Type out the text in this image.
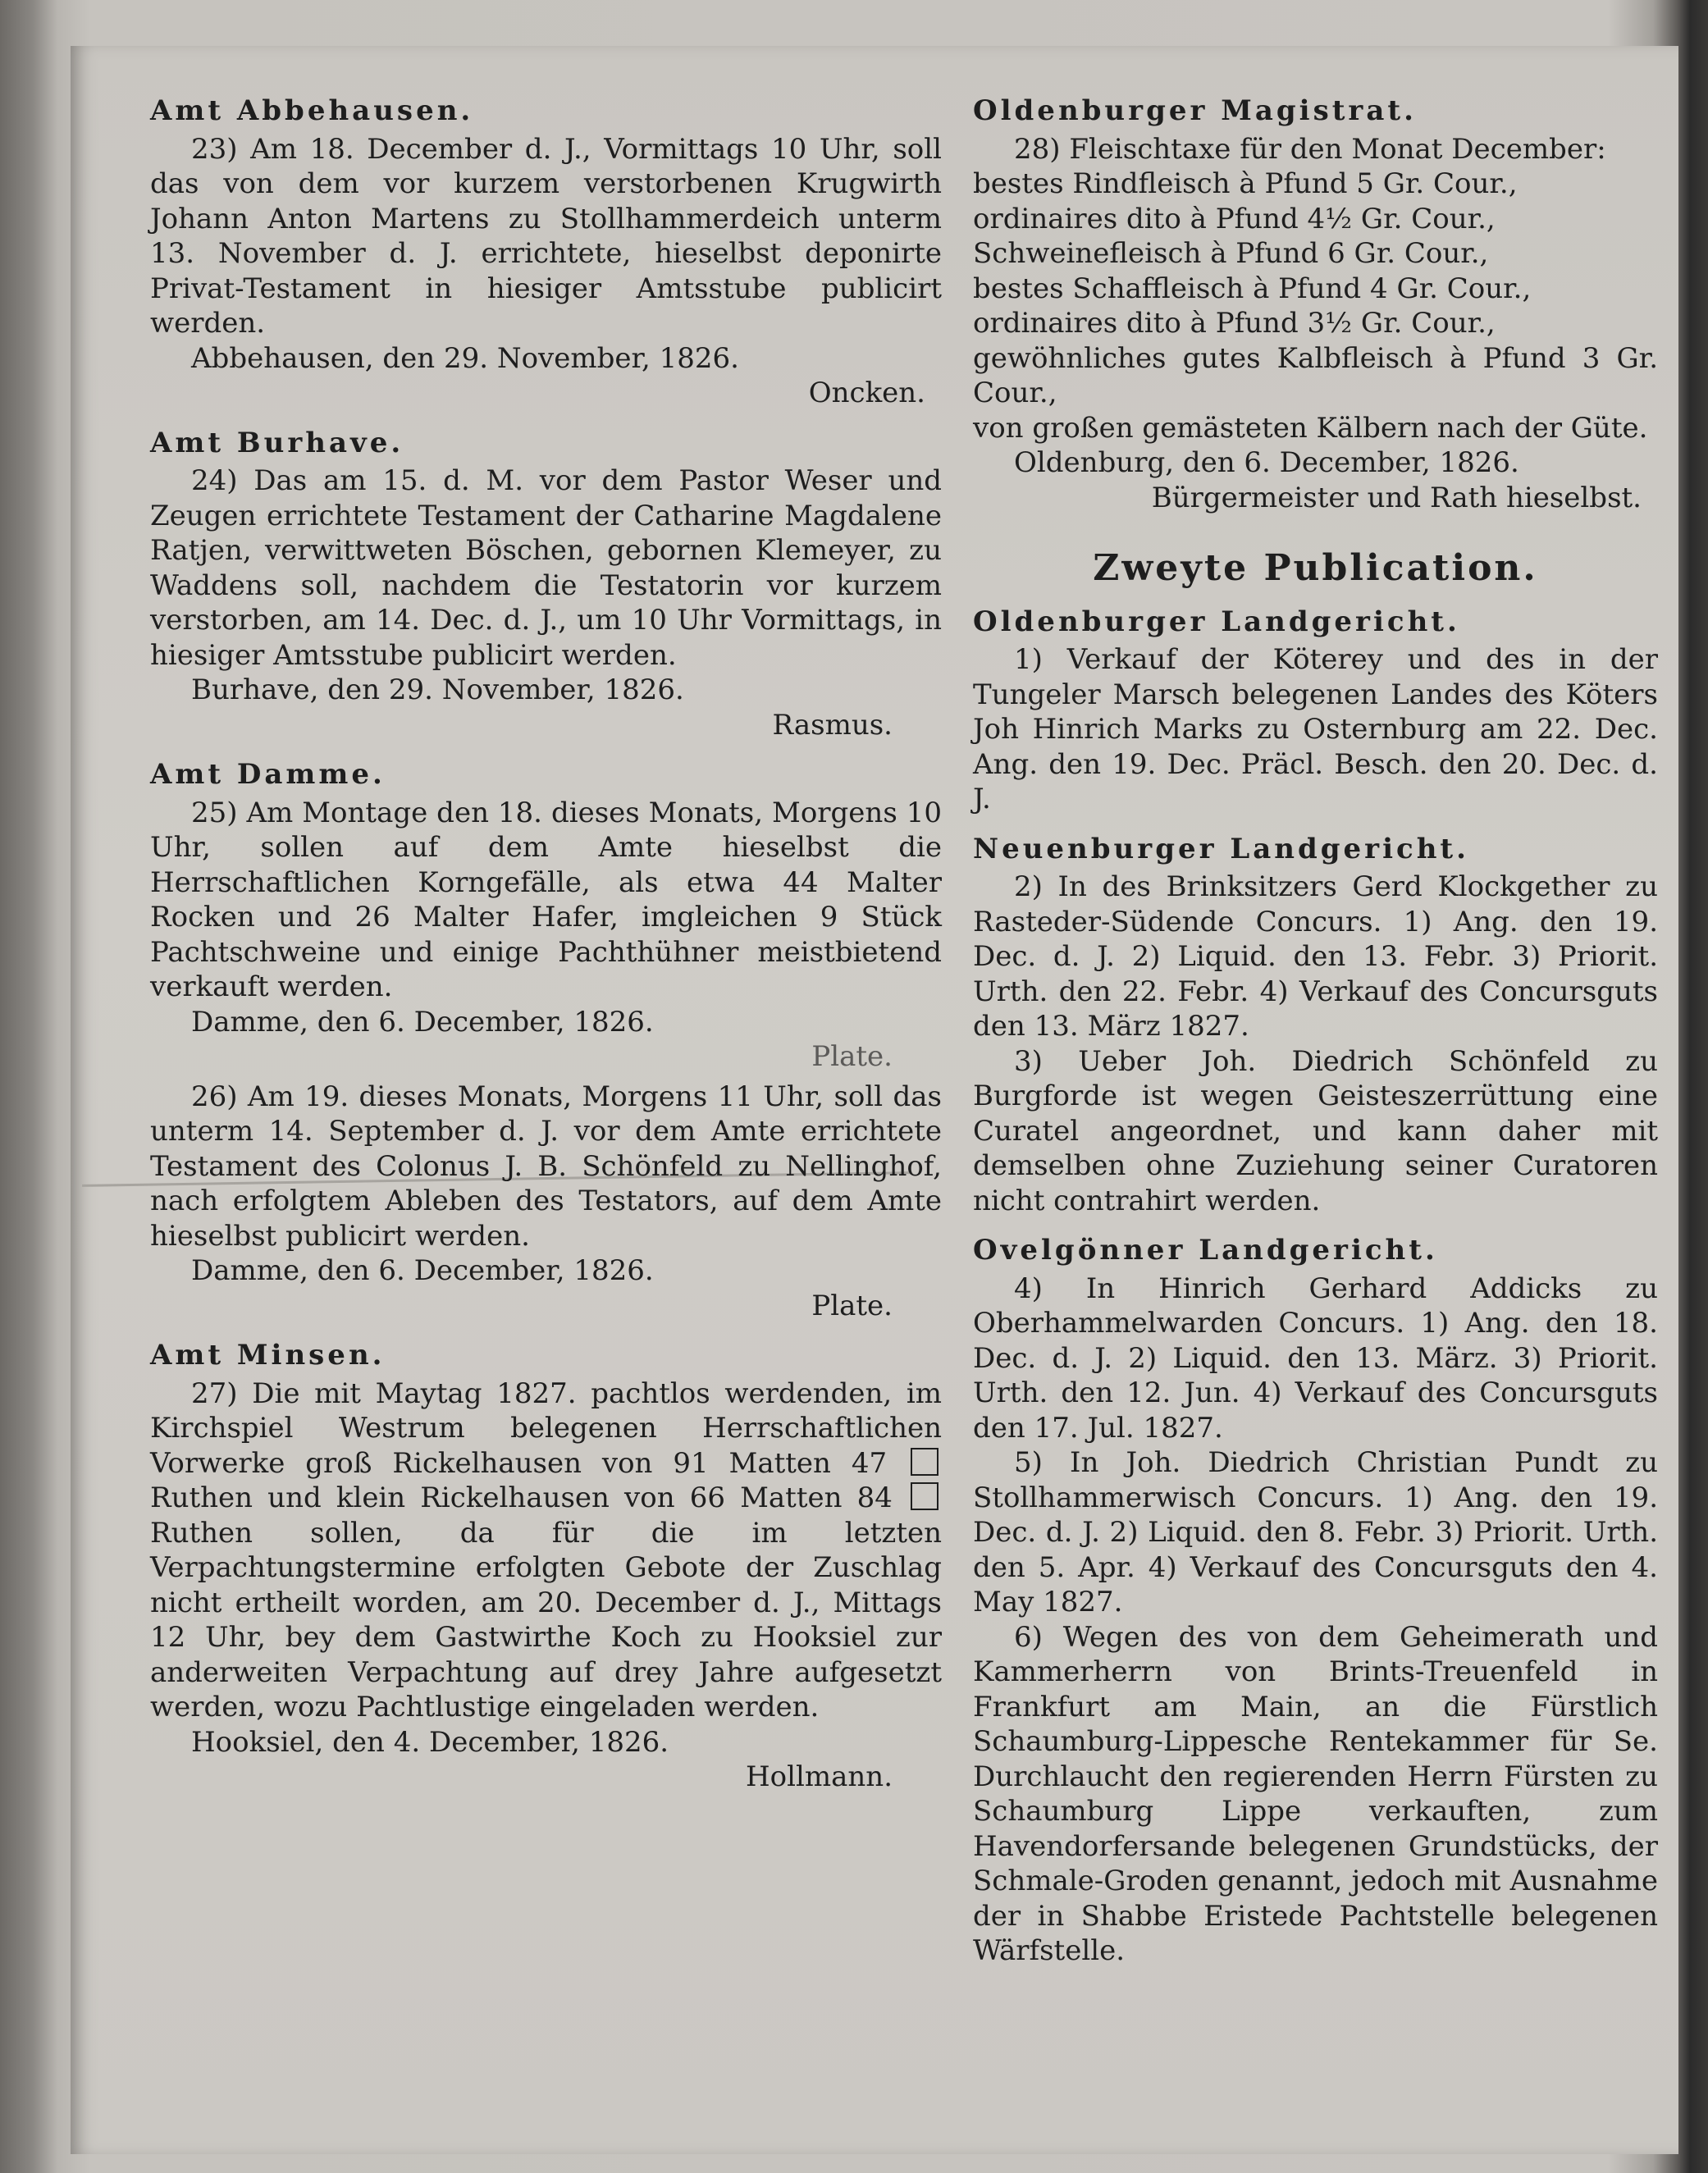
Amt Abbehausen.

23) Am 18. December d. J., Vormittags 10 Uhr, soll das von dem vor kurzem verstorbenen Krugwirth Johann Anton Martens zu Stollhammerdeich unterm 13. November d. J. errichtete, hieselbst deponirte Privat-Testament in hiesiger Amtsstube publicirt werden.

Abbehausen, den 29. November, 1826.

Oncken.

Amt Burhave.

24) Das am 15. d. M. vor dem Pastor Weser und Zeugen errichtete Testament der Catharine Magdalene Ratjen, verwittweten Böschen, gebornen Klemeyer, zu Waddens soll, nachdem die Testatorin vor kurzem verstorben, am 14. Dec. d. J., um 10 Uhr Vormittags, in hiesiger Amtsstube publicirt werden.

Burhave, den 29. November, 1826.

Rasmus.

Amt Damme.

25) Am Montage den 18. dieses Monats, Morgens 10 Uhr, sollen auf dem Amte hieselbst die Herrschaftlichen Korngefälle, als etwa 44 Malter Rocken und 26 Malter Hafer, imgleichen 9 Stück Pachtschweine und einige Pachthühner meistbietend verkauft werden.

Damme, den 6. December, 1826.

Plate.

26) Am 19. dieses Monats, Morgens 11 Uhr, soll das unterm 14. September d. J. vor dem Amte errichtete Testament des Colonus J. B. Schönfeld zu Nellinghof, nach erfolgtem Ableben des Testators, auf dem Amte hieselbst publicirt werden.

Damme, den 6. December, 1826.

Plate.

Amt Minsen.

27) Die mit Maytag 1827. pachtlos werdenden, im Kirchspiel Westrum belegenen Herrschaftlichen Vorwerke groß Rickelhausen von 91 Matten 47  Ruthen und klein Rickelhausen von 66 Matten 84  Ruthen sollen, da für die im letzten Verpachtungstermine erfolgten Gebote der Zuschlag nicht ertheilt worden, am 20. December d. J., Mittags 12 Uhr, bey dem Gastwirthe Koch zu Hooksiel zur anderweiten Verpachtung auf drey Jahre aufgesetzt werden, wozu Pachtlustige eingeladen werden.

Hooksiel, den 4. December, 1826.

Hollmann.

Oldenburger Magistrat.

28) Fleischtaxe für den Monat December:

bestes Rindfleisch à Pfund 5 Gr. Cour.,
ordinaires dito à Pfund 4½ Gr. Cour.,
Schweinefleisch à Pfund 6 Gr. Cour.,
bestes Schaffleisch à Pfund 4 Gr. Cour.,
ordinaires dito à Pfund 3½ Gr. Cour.,
gewöhnliches gutes Kalbfleisch à Pfund 3 Gr. Cour.,
von großen gemästeten Kälbern nach der Güte.

Oldenburg, den 6. December, 1826.

Bürgermeister und Rath hieselbst.

Zweyte Publication.
Oldenburger Landgericht.

1) Verkauf der Köterey und des in der Tungeler Marsch belegenen Landes des Köters Joh Hinrich Marks zu Osternburg am 22. Dec. Ang. den 19. Dec. Präcl. Besch. den 20. Dec. d. J.

Neuenburger Landgericht.

2) In des Brinksitzers Gerd Klockgether zu Rasteder-Südende Concurs. 1) Ang. den 19. Dec. d. J. 2) Liquid. den 13. Febr. 3) Priorit. Urth. den 22. Febr. 4) Verkauf des Concursguts den 13. März 1827.

3) Ueber Joh. Diedrich Schönfeld zu Burgforde ist wegen Geisteszerrüttung eine Curatel angeordnet, und kann daher mit demselben ohne Zuziehung seiner Curatoren nicht contrahirt werden.

Ovelgönner Landgericht.

4) In Hinrich Gerhard Addicks zu Oberhammelwarden Concurs. 1) Ang. den 18. Dec. d. J. 2) Liquid. den 13. März. 3) Priorit. Urth. den 12. Jun. 4) Verkauf des Concursguts den 17. Jul. 1827.

5) In Joh. Diedrich Christian Pundt zu Stollhammerwisch Concurs. 1) Ang. den 19. Dec. d. J. 2) Liquid. den 8. Febr. 3) Priorit. Urth. den 5. Apr. 4) Verkauf des Concursguts den 4. May 1827.

6) Wegen des von dem Geheimerath und Kammerherrn von Brints-Treuenfeld in Frankfurt am Main, an die Fürstlich Schaumburg-Lippesche Rentekammer für Se. Durchlaucht den regierenden Herrn Fürsten zu Schaumburg Lippe verkauften, zum Havendorfersande belegenen Grundstücks, der Schmale-Groden genannt, jedoch mit Ausnahme der in Shabbe Eristede Pachtstelle belegenen Wärfstelle.
